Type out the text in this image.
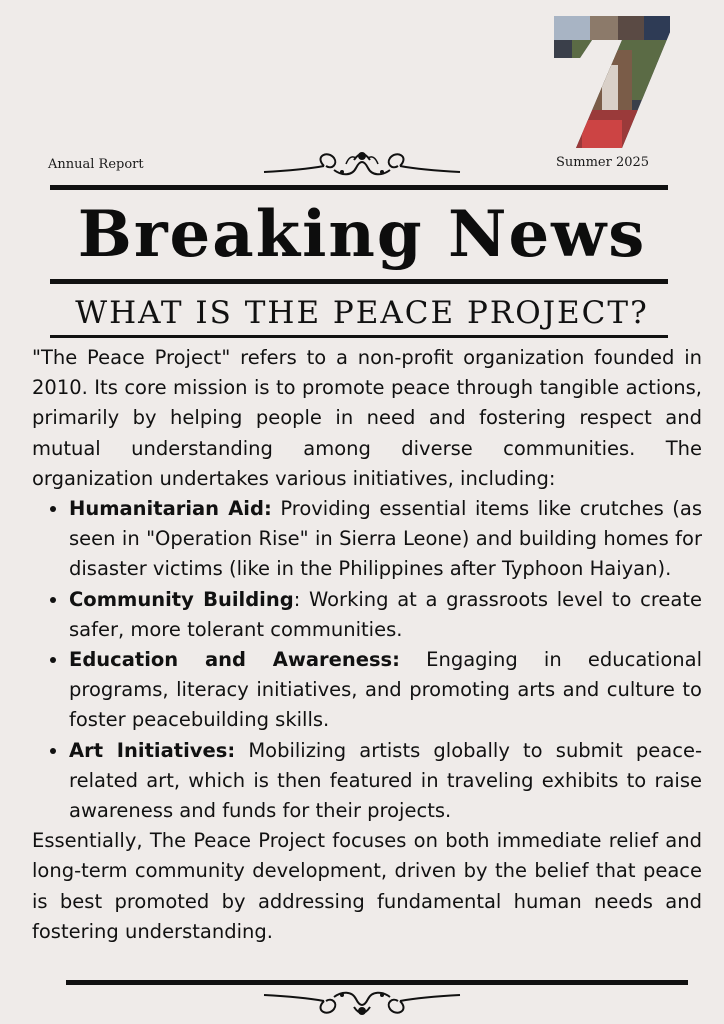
Annual Report	Summer 2025
Breaking News
WHAT IS THE PEACE PROJECT?

"The Peace Project" refers to a non-profit organization founded in 2010. Its core mission is to promote peace through tangible actions, primarily by helping people in need and fostering respect and mutual understanding among diverse communities. The organization undertakes various initiatives, including:

• Humanitarian Aid: Providing essential items like crutches (as seen in "Operation Rise" in Sierra Leone) and building homes for disaster victims (like in the Philippines after Typhoon Haiyan).
• Community Building: Working at a grassroots level to create safer, more tolerant communities.
• Education and Awareness: Engaging in educational programs, literacy initiatives, and promoting arts and culture to foster peacebuilding skills.
• Art Initiatives: Mobilizing artists globally to submit peace-related art, which is then featured in traveling exhibits to raise awareness and funds for their projects.

Essentially, The Peace Project focuses on both immediate relief and long-term community development, driven by the belief that peace is best promoted by addressing fundamental human needs and fostering understanding.
